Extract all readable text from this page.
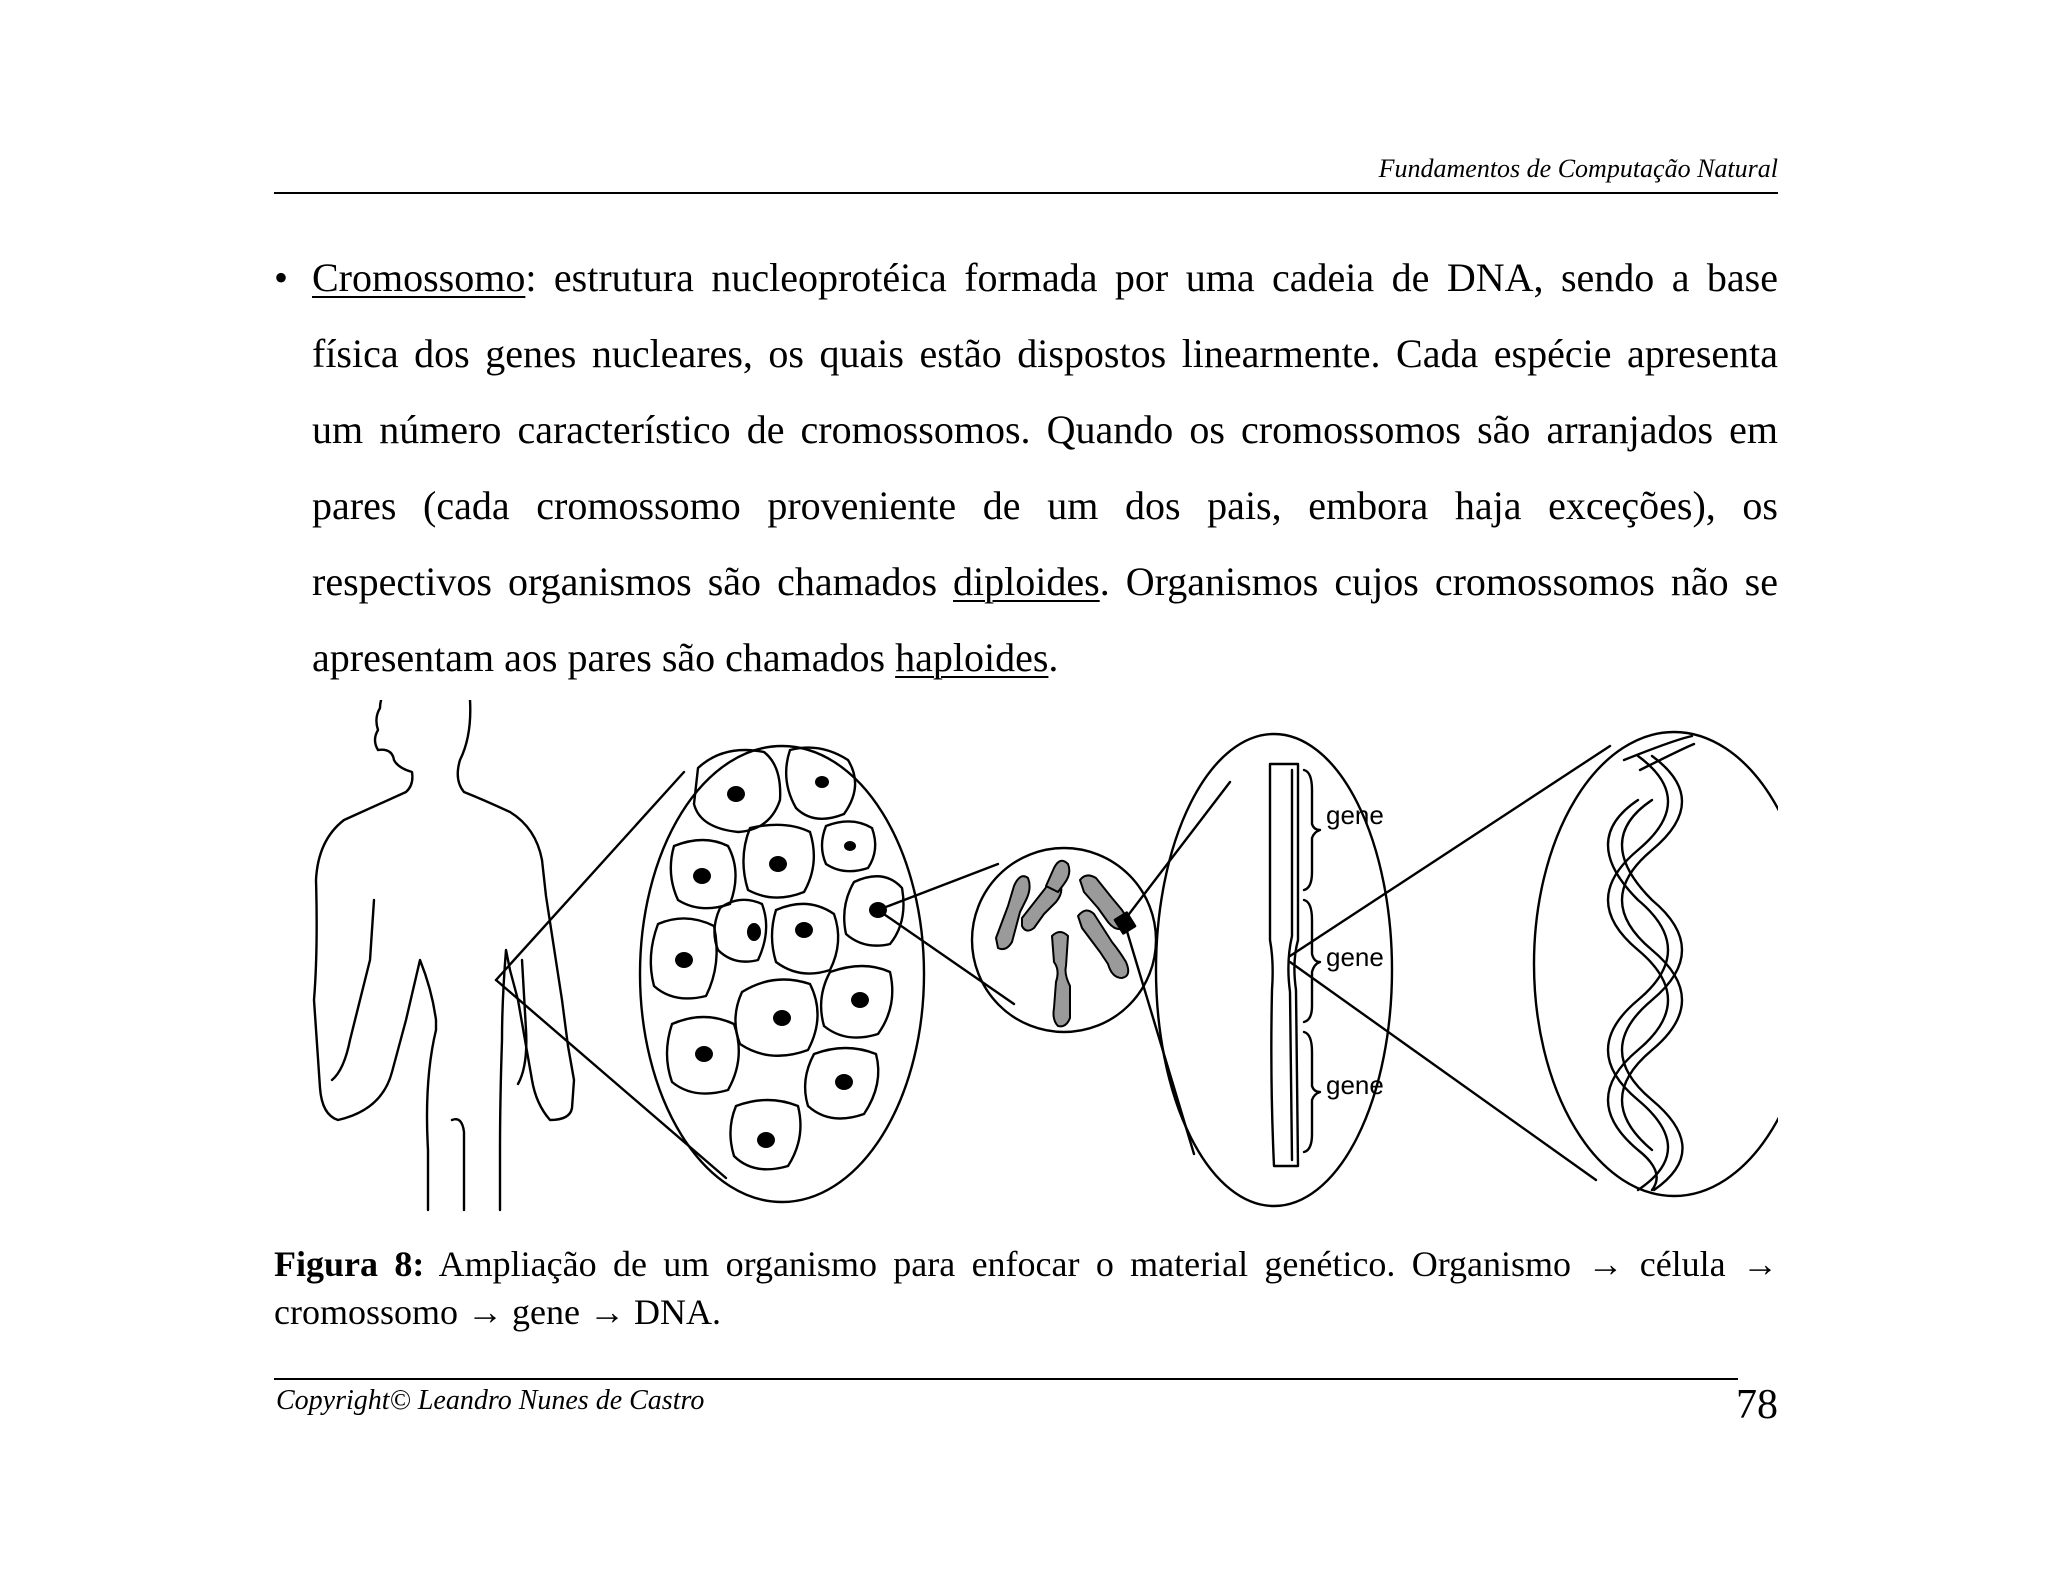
Fundamentos de Computação Natural
• Cromossomo: estrutura nucleoprotéica formada por uma cadeia de DNA, sendo a base física dos genes nucleares, os quais estão dispostos linearmente. Cada espécie apresenta um número característico de cromossomos. Quando os cromossomos são arranjados em pares (cada cromossomo proveniente de um dos pais, embora haja exceções), os respectivos organismos são chamados diploides. Organismos cujos cromossomos não se apresentam aos pares são chamados haploides.

gene
gene
gene
Figura 8: Ampliação de um organismo para enfocar o material genético. Organismo → célula → cromossomo → gene → DNA.
Copyright© Leandro Nunes de Castro	78
